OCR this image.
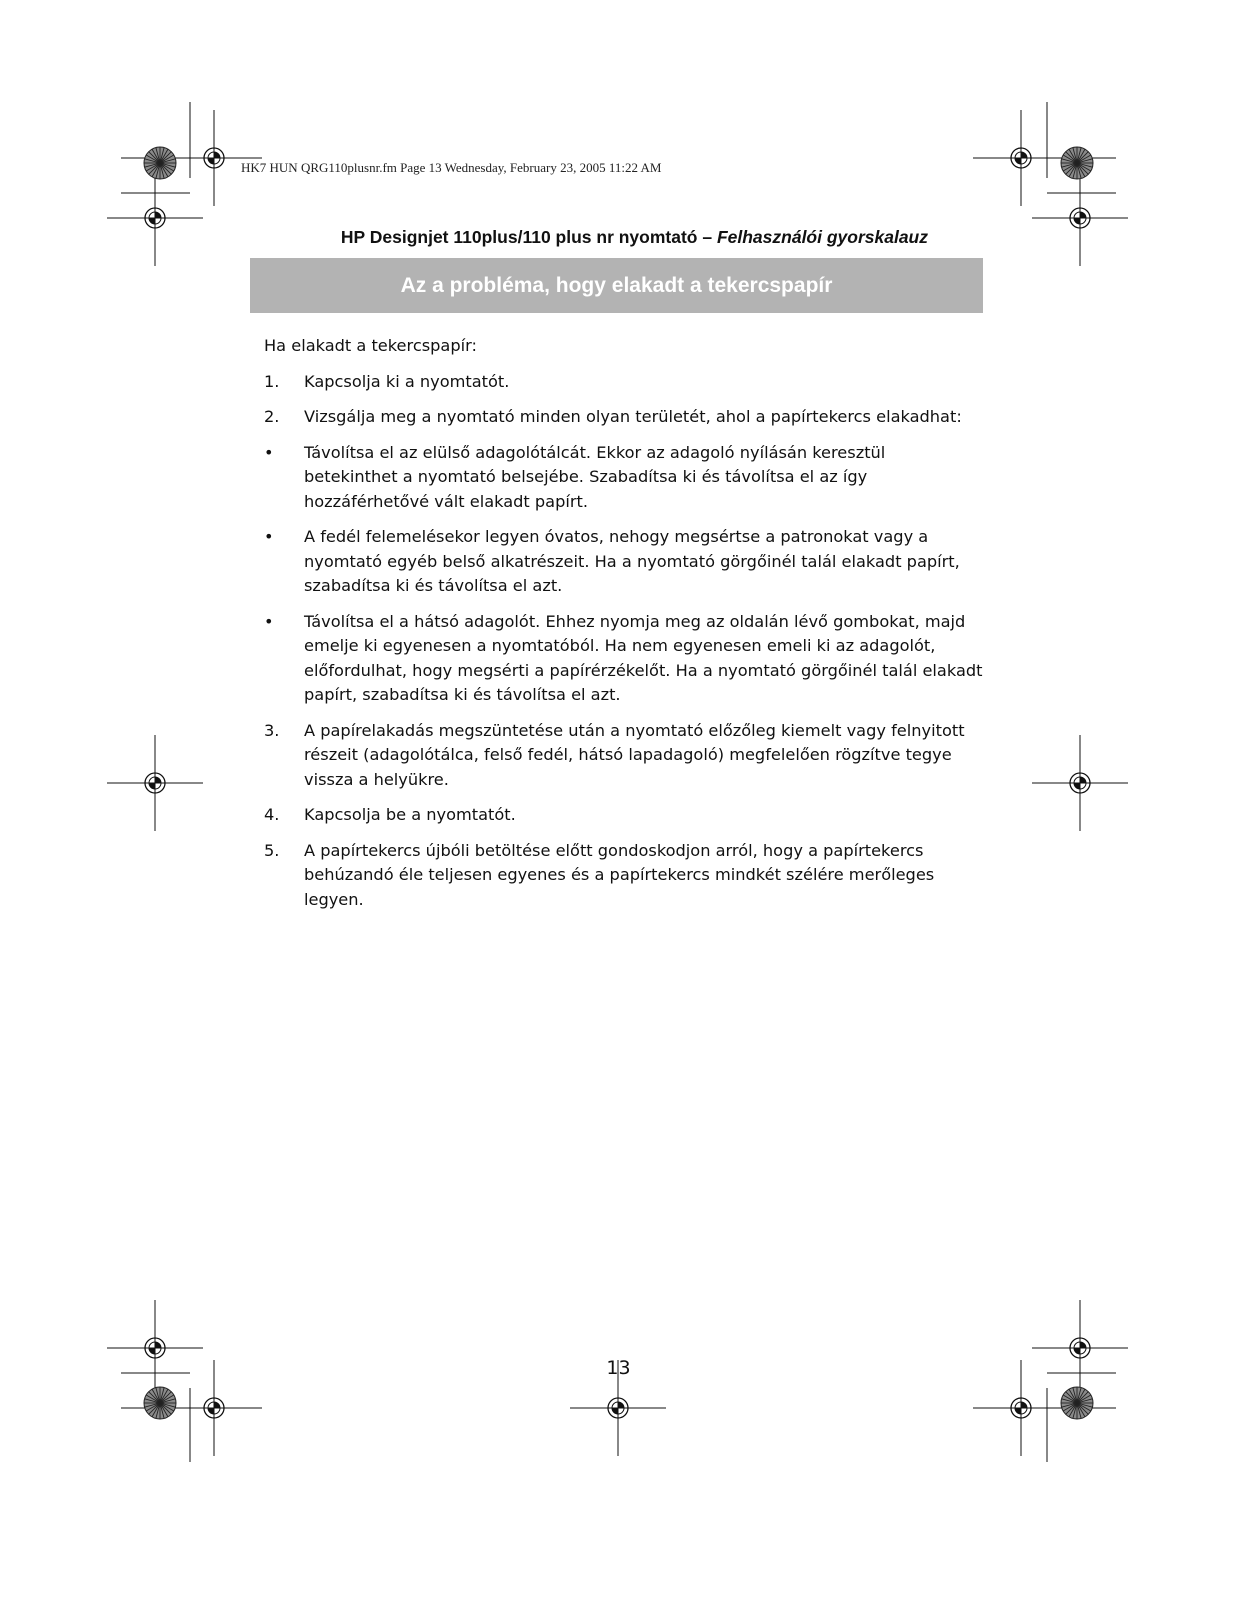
HK7 HUN QRG110plusnr.fm Page 13 Wednesday, February 23, 2005 11:22 AM
HP Designjet 110plus/110 plus nr nyomtató – Felhasználói gyorskalauz
Az a probléma, hogy elakadt a tekercspapír

Ha elakadt a tekercspapír:

1.	Kapcsolja ki a nyomtatót.
2.	Vizsgálja meg a nyomtató minden olyan területét, ahol a papírtekercs elakadhat:
•	Távolítsa el az elülső adagolótálcát. Ekkor az adagoló nyílásán keresztül betekinthet a nyomtató belsejébe. Szabadítsa ki és távolítsa el az így hozzáférhetővé vált elakadt papírt.
•	A fedél felemelésekor legyen óvatos, nehogy megsértse a patronokat vagy a nyomtató egyéb belső alkatrészeit. Ha a nyomtató görgőinél talál elakadt papírt, szabadítsa ki és távolítsa el azt.
•	Távolítsa el a hátsó adagolót. Ehhez nyomja meg az oldalán lévő gombokat, majd emelje ki egyenesen a nyomtatóból. Ha nem egyenesen emeli ki az adagolót, előfordulhat, hogy megsérti a papírérzékelőt. Ha a nyomtató görgőinél talál elakadt papírt, szabadítsa ki és távolítsa el azt.
3.	A papírelakadás megszüntetése után a nyomtató előzőleg kiemelt vagy felnyitott részeit (adagolótálca, felső fedél, hátsó lapadagoló) megfelelően rögzítve tegye vissza a helyükre.
4.	Kapcsolja be a nyomtatót.
5.	A papírtekercs újbóli betöltése előtt gondoskodjon arról, hogy a papírtekercs behúzandó éle teljesen egyenes és a papírtekercs mindkét szélére merőleges legyen.
13
